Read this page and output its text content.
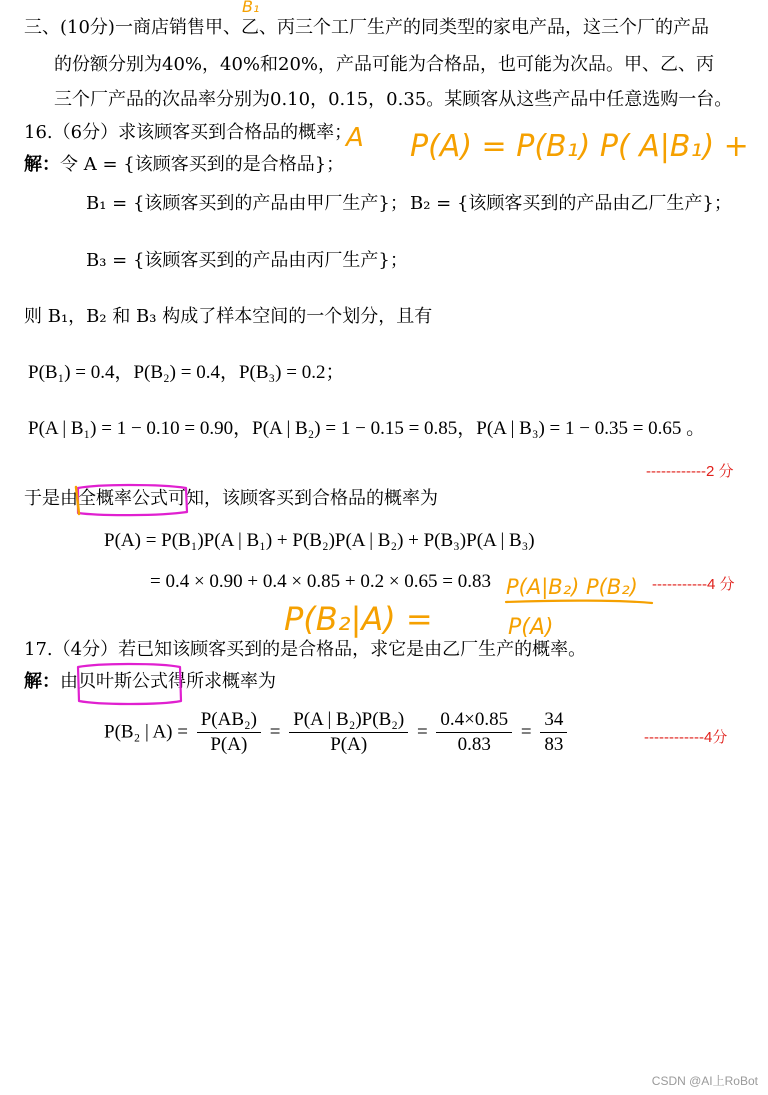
三、(10分)一商店销售甲、乙、丙三个工厂生产的同类型的家电产品，这三个厂的产品
的份额分别为40%，40%和20%，产品可能为合格品，也可能为次品。甲、乙、丙
三个厂产品的次品率分别为0.10，0.15，0.35。某顾客从这些产品中任意选购一台。
16.（6分）求该顾客买到合格品的概率；
解：令 A = {该顾客买到的是合格品}；
B₁ = {该顾客买到的产品由甲厂生产}； B₂ = {该顾客买到的产品由乙厂生产}；
B₃ = {该顾客买到的产品由丙厂生产}；
则 B₁，B₂ 和 B₃ 构成了样本空间的一个划分，且有
P(B₁) = 0.4，P(B₂) = 0.4，P(B₃) = 0.2；
P(A | B₁) = 1 − 0.10 = 0.90，P(A | B₂) = 1 − 0.15 = 0.85，P(A | B₃) = 1 − 0.35 = 0.65 。
------------2 分
于是由全概率公式可知，该顾客买到合格品的概率为
P(A) = P(B₁)P(A | B₁) + P(B₂)P(A | B₂) + P(B₃)P(A | B₃)
= 0.4 × 0.90 + 0.4 × 0.85 + 0.2 × 0.65 = 0.83	-----------4 分
17.（4分）若已知该顾客买到的是合格品，求它是由乙厂生产的概率。
解：由贝叶斯公式得所求概率为
P(B₂ | $A) = \frac{\text{P(AB₂)}}{P(A)} = \frac{\text{P(A | B₂)P(B₂)}}{P(A)} = \frac{0.4\times 0.85}{0.83} = \frac{34}{83}$	------------4分
B₁
A P(A) = P(B₁) P( A|B₁) +
P(A|B₂) P(B₂)
P(B₂|A) =	P(A)
CSDN @AI上RoBot
